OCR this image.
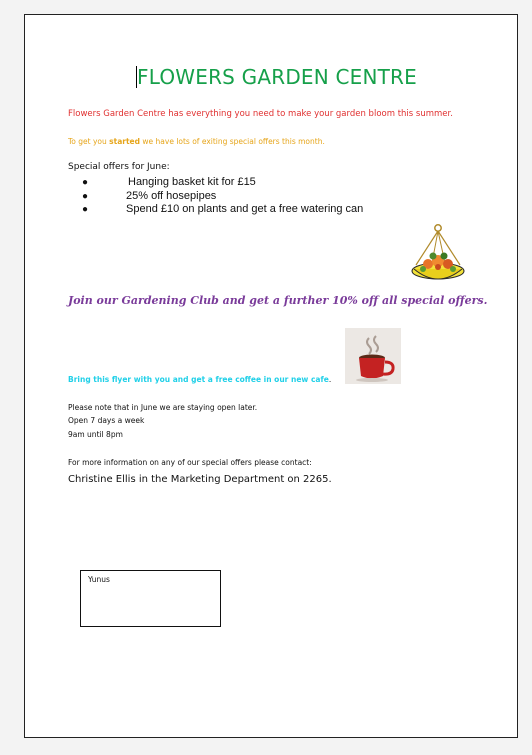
FLOWERS GARDEN CENTRE
Flowers Garden Centre has everything you need to make your garden bloom this summer.
To get you started we have lots of exiting special offers this month.
Special offers for June:
●	Hanging basket kit for £15
●	25% off hosepipes
●	Spend £10 on plants and get a free watering can
Join our Gardening Club and get a further 10% off all special offers.
Bring this flyer with you and get a free coffee in our new cafe.
Please note that in June we are staying open later.
Open 7 days a week
9am until 8pm
For more information on any of our special offers please contact:
Christine Ellis in the Marketing Department on 2265.
Yunus
